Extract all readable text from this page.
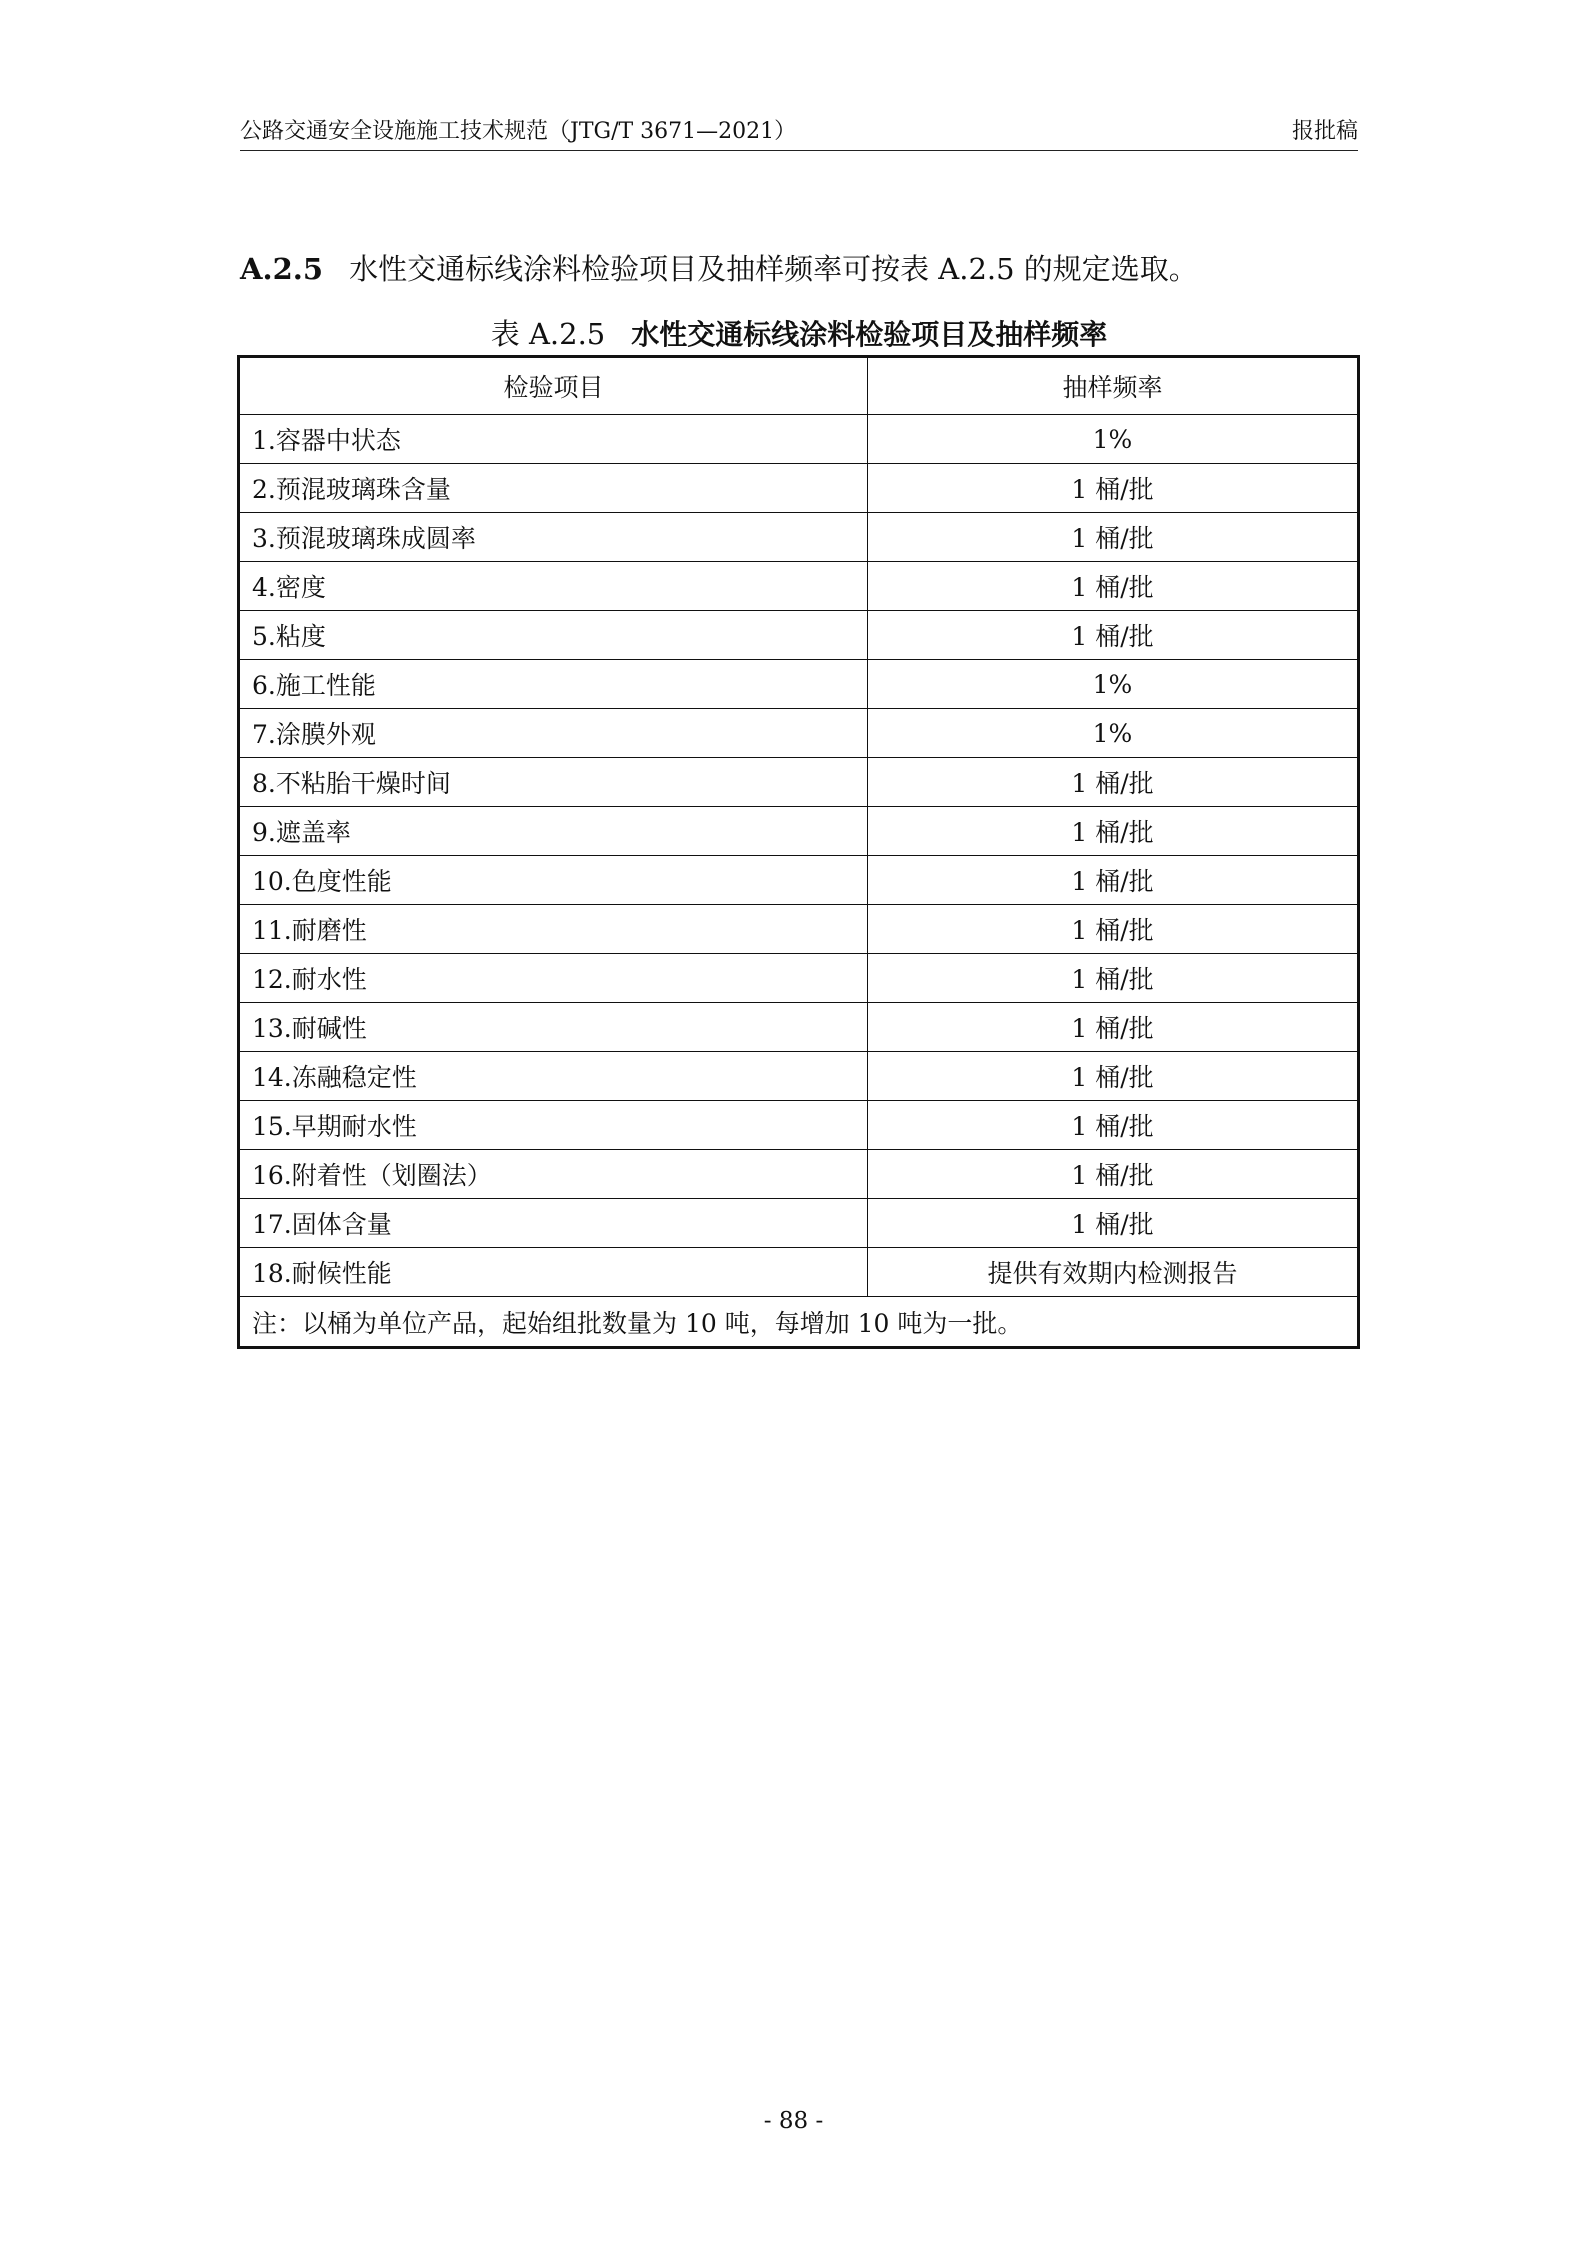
公路交通安全设施施工技术规范（JTG/T 3671—2021）	报批稿
A.2.5 水性交通标线涂料检验项目及抽样频率可按表 A.2.5 的规定选取。
表 A.2.5 水性交通标线涂料检验项目及抽样频率
检验项目	抽样频率
1.容器中状态	1%
2.预混玻璃珠含量	1 桶/批
3.预混玻璃珠成圆率	1 桶/批
4.密度	1 桶/批
5.粘度	1 桶/批
6.施工性能	1%
7.涂膜外观	1%
8.不粘胎干燥时间	1 桶/批
9.遮盖率	1 桶/批
10.色度性能	1 桶/批
11.耐磨性	1 桶/批
12.耐水性	1 桶/批
13.耐碱性	1 桶/批
14.冻融稳定性	1 桶/批
15.早期耐水性	1 桶/批
16.附着性（划圈法）	1 桶/批
17.固体含量	1 桶/批
18.耐候性能	提供有效期内检测报告
注：以桶为单位产品，起始组批数量为 10 吨，每增加 10 吨为一批。	
- 88 -
